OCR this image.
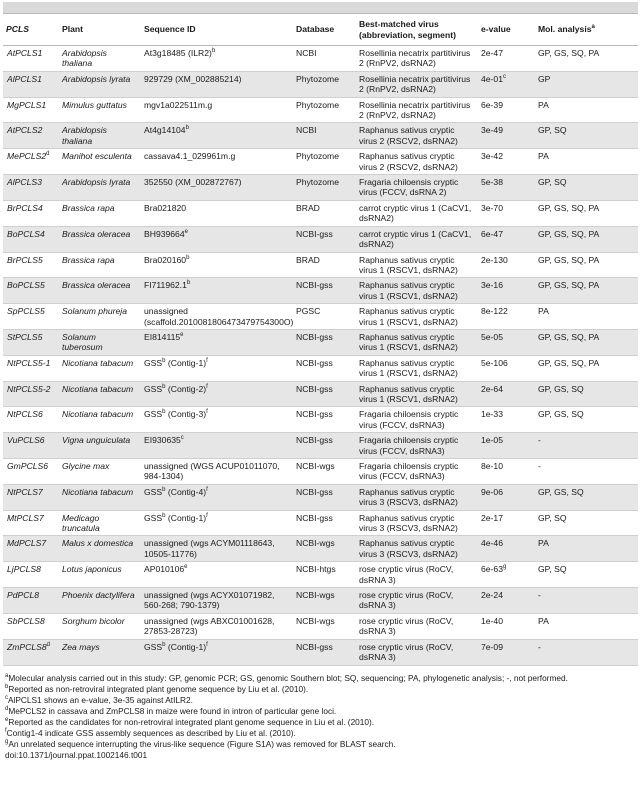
PCLS	Plant	Sequence ID	Database	Best-matched virus (abbreviation, segment)	e-value	Mol. analysis$^a$
AtPCLS1	Arabidopsis thaliana	At3g18485 $(ILR2)^b$	NCBI	Rosellinia necatrix partitivirus 2 (RnPV2, dsRNA2)	2e-47	GP, GS, SQ, PA
AlPCLS1	Arabidopsis lyrata	929729 (XM_002885214)	Phytozome	Rosellinia necatrix partitivirus 2 (RnPV2, dsRNA2)	4e-01$^c$	GP
MgPCLS1	Mimulus guttatus	mgv1a022511m.g	Phytozome	Rosellinia necatrix partitivirus 2 (RnPV2, dsRNA2)	6e-39	PA
AtPCLS2	Arabidopsis thaliana	At4g14104$^b$	NCBI	Raphanus sativus cryptic virus 2 (RSCV2, dsRNA2)	3e-49	GP, SQ
MePCLS2$^d$	Manihot esculenta	cassava4.1_029961m.g	Phytozome	Raphanus sativus cryptic virus 2 (RSCV2, dsRNA2)	3e-42	PA
AlPCLS3	Arabidopsis lyrata	352550 (XM_002872767)	Phytozome	Fragaria chiloensis cryptic virus (FCCV, dsRNA 2)	5e-38	GP, SQ
BrPCLS4	Brassica rapa	Bra021820	BRAD	carrot cryptic virus 1 (CaCV1, dsRNA2)	3e-70	GP, GS, SQ, PA
BoPCLS4	Brassica oleracea	BH939664e	NCBI-gss	carrot cryptic virus 1 (CaCV1, dsRNA2)	6e-47	GP, GS, SQ, PA
BrPCLS5	Brassica rapa	Bra020160$^b$	BRAD	Raphanus sativus cryptic virus 1 (RSCV1, dsRNA2)	2e-130	GP, GS, SQ, PA
BoPCLS5	Brassica oleracea	FI711962.1$^b$	NCBI-gss	Raphanus sativus cryptic virus 1 (RSCV1, dsRNA2)	3e-16	GP, GS, SQ, PA
SpPCLS5	Solanum phureja	unassigned (scaffold.2010081806473479754300O)	PGSC	Raphanus sativus cryptic virus 1 (RSCV1, dsRNA2)	8e-122	PA
StPCLS5	Solanum tuberosum	EI814115e	NCBI-gss	Raphanus sativus cryptic virus 1 (RSCV1, dsRNA2)	5e-05	GP, GS, SQ, PA
NtPCLS5-1	Nicotiana tabacum	GSS$^b$ (Contig-1)$^f$	NCBI-gss	Raphanus sativus cryptic virus 1 (RSCV1, dsRNA2)	5e-106	GP, GS, SQ, PA
NtPCLS5-2	Nicotiana tabacum	GSS$^b$ (Contig-2)$^f$	NCBI-gss	Raphanus sativus cryptic virus 1 (RSCV1, dsRNA2)	2e-64	GP, GS, SQ
NtPCLS6	Nicotiana tabacum	GSS$^b$ (Contig-3)$^f$	NCBI-gss	Fragaria chiloensis cryptic virus (FCCV, dsRNA3)	1e-33	GP, GS, SQ
VuPCLS6	Vigna unguiculata	EI930635$^c$	NCBI-gss	Fragaria chiloensis cryptic virus (FCCV, dsRNA3)	1e-05	-
GmPCLS6	Glycine max	unassigned (WGS ACUP01011070, 984-1304)	NCBI-wgs	Fragaria chiloensis cryptic virus (FCCV, dsRNA3)	8e-10	-
NtPCLS7	Nicotiana tabacum	GSS$^b$ (Contig-4)$^f$	NCBI-gss	Raphanus sativus cryptic virus 3 (RSCV3, dsRNA2)	9e-06	GP, GS, SQ
MtPCLS7	Medicago truncatula	GSS$^b$ (Contig-1)$^f$	NCBI-gss	Raphanus sativus cryptic virus 3 (RSCV3, dsRNA2)	2e-17	GP, SQ
MdPCLS7	Malus x domestica	unassigned (wgs ACYM01118643, 10505-11776)	NCBI-wgs	Raphanus sativus cryptic virus 3 (RSCV3, dsRNA2)	4e-46	PA
LjPCLS8	Lotus japonicus	AP010106e	NCBI-htgs	rose cryptic virus (RoCV, dsRNA 3)	6e-63$^g$	GP, SQ
PdPCL8	Phoenix dactylifera	unassigned (wgs ACYX01071982, 560-268; 790-1379)	NCBI-wgs	rose cryptic virus (RoCV, dsRNA 3)	2e-24	-
SbPCLS8	Sorghum bicolor	unassigned (wgs ABXC01001628, 27853-28723)	NCBI-wgs	rose cryptic virus (RoCV, dsRNA 3)	1e-40	PA
ZmPCLS8$^d$	Zea mays	GSS$^b$ (Contig-1)$^f$	NCBI-gss	rose cryptic virus (RoCV, dsRNA 3)	7e-09	-
$^a$Molecular analysis carried out in this study: GP, genomic PCR; GS, genomic Southern blot; SQ, sequencing; PA, phylogenetic analysis; -, not performed.
$^b$Reported as non-retroviral integrated plant genome sequence by Liu et al. (2010).
$^c$AlPCLS1 shows an e-value, 3e-35 against AtILR2.
$^d$MePCLS2 in cassava and ZmPCLS8 in maize were found in intron of particular gene loci.
$^e$Reported as the candidates for non-retroviral integrated plant genome sequence in Liu et al. (2010).
$^f$Contig1-4 indicate GSS assembly sequences as described by Liu et al. (2010).
$^g$An unrelated sequence interrupting the virus-like sequence (Figure S1A) was removed for BLAST search.
doi:10.1371/journal.ppat.1002146.t001
